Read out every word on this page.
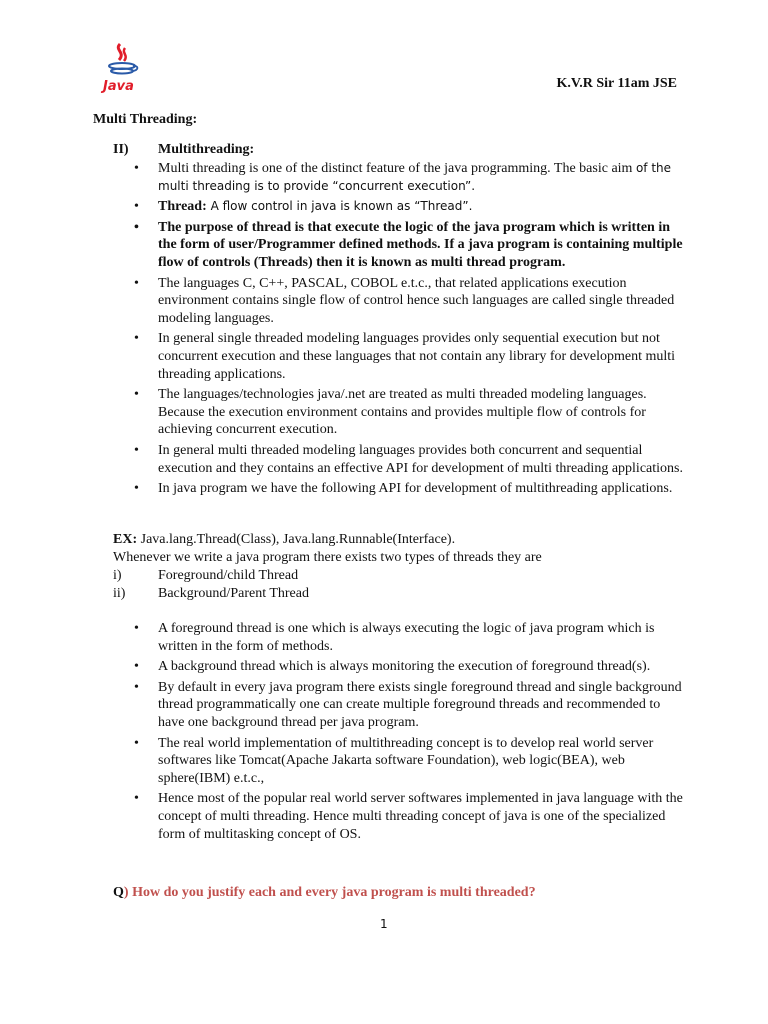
Java	K.V.R Sir 11am JSE
Multi Threading:
II) Multithreading:
• Multi threading is one of the distinct feature of the java programming. The basic aim of the multi threading is to provide “concurrent execution”.
• Thread: A flow control in java is known as “Thread”.
• The purpose of thread is that execute the logic of the java program which is written in the form of user/Programmer defined methods. If a java program is containing multiple flow of controls (Threads) then it is known as multi thread program.
• The languages C, C++, PASCAL, COBOL e.t.c., that related applications execution environment contains single flow of control hence such languages are called single threaded modeling languages.
• In general single threaded modeling languages provides only sequential execution but not concurrent execution and these languages that not contain any library for development multi threading applications.
• The languages/technologies java/.net are treated as multi threaded modeling languages. Because the execution environment contains and provides multiple flow of controls for achieving concurrent execution.
• In general multi threaded modeling languages provides both concurrent and sequential execution and they contains an effective API for development of multi threading applications.
• In java program we have the following API for development of multithreading applications.
EX: Java.lang.Thread(Class), Java.lang.Runnable(Interface).
Whenever we write a java program there exists two types of threads they are
i)	Foreground/child Thread
ii) Background/Parent Thread
• A foreground thread is one which is always executing the logic of java program which is written in the form of methods.
• A background thread which is always monitoring the execution of foreground thread(s).
• By default in every java program there exists single foreground thread and single background thread programmatically one can create multiple foreground threads and recommended to have one background thread per java program.
• The real world implementation of multithreading concept is to develop real world server softwares like Tomcat(Apache Jakarta software Foundation), web logic(BEA), web sphere(IBM) e.t.c.,
• Hence most of the popular real world server softwares implemented in java language with the concept of multi threading. Hence multi threading concept of java is one of the specialized form of multitasking concept of OS.
Q) How do you justify each and every java program is multi threaded?
1
